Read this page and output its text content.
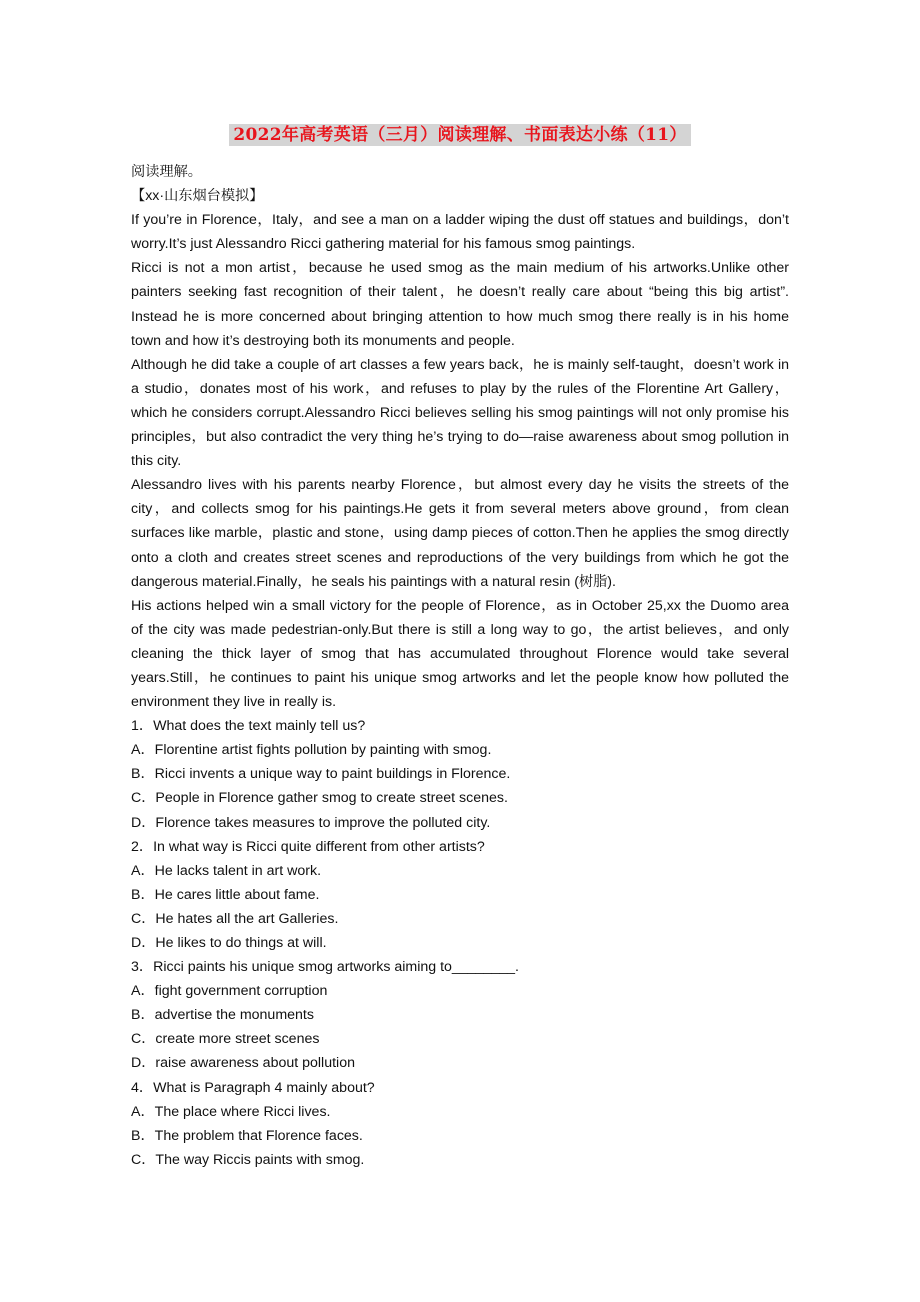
2022年高考英语（三月）阅读理解、书面表达小练（11）

阅读理解。

【xx·山东烟台模拟】

If you’re in Florence，Italy，and see a man on a ladder wiping the dust off statues and buildings，don’t worry.It’s just Alessandro Ricci gathering material for his famous smog paintings.

Ricci is not a mon artist，because he used smog as the main medium of his artworks.Unlike other painters seeking fast recognition of their talent，he doesn’t really care about “being this big artist”. Instead he is more concerned about bringing attention to how much smog there really is in his home town and how it’s destroying both its monuments and people.

Although he did take a couple of art classes a few years back，he is mainly self-taught，doesn’t work in a studio，donates most of his work，and refuses to play by the rules of the Florentine Art Gallery，which he considers corrupt.Alessandro Ricci believes selling his smog paintings will not only promise his principles，but also contradict the very thing he’s trying to do—raise awareness about smog pollution in this city.

Alessandro lives with his parents nearby Florence，but almost every day he visits the streets of the city，and collects smog for his paintings.He gets it from several meters above ground，from clean surfaces like marble，plastic and stone，using damp pieces of cotton.Then he applies the smog directly onto a cloth and creates street scenes and reproductions of the very buildings from which he got the dangerous material.Finally，he seals his paintings with a natural resin (树脂).

His actions helped win a small victory for the people of Florence，as in October 25,xx the Duomo area of the city was made pedestrian-only.But there is still a long way to go，the artist believes，and only cleaning the thick layer of smog that has accumulated throughout Florence would take several years.Still，he continues to paint his unique smog artworks and let the people know how polluted the environment they live in really is.

1．What does the text mainly tell us?

A．Florentine artist fights pollution by painting with smog.

B．Ricci invents a unique way to paint buildings in Florence.

C．People in Florence gather smog to create street scenes.

D．Florence takes measures to improve the polluted city.

2．In what way is Ricci quite different from other artists?

A．He lacks talent in art work.

B．He cares little about fame.

C．He hates all the art Galleries.

D．He likes to do things at will.

3．Ricci paints his unique smog artworks aiming to________.

A．fight government corruption

B．advertise the monuments

C．create more street scenes

D．raise awareness about pollution

4．What is Paragraph 4 mainly about?

A．The place where Ricci lives.

B．The problem that Florence faces.

C．The way Riccis paints with smog.
